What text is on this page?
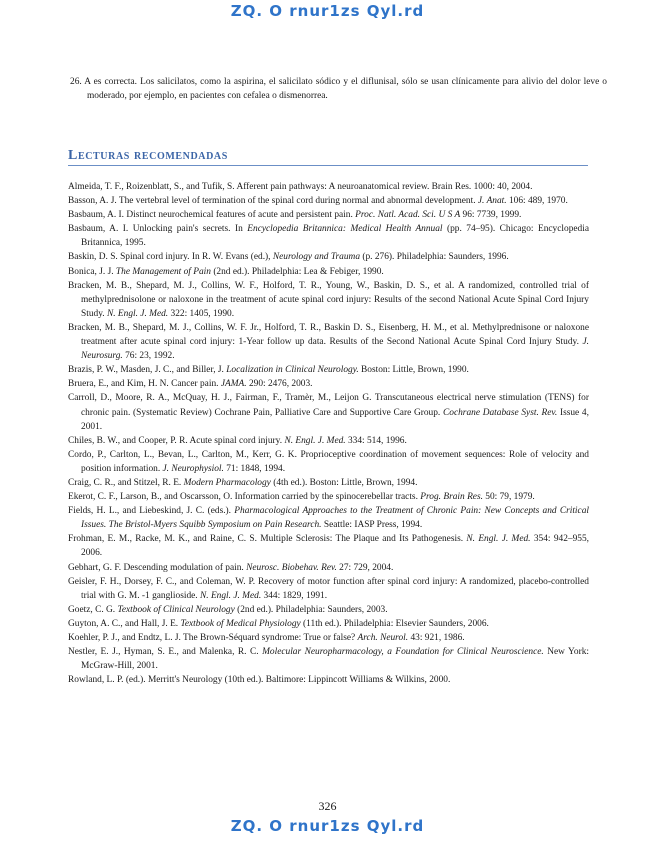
ZQ. O rnur1zs Qyl.rd

26. A es correcta. Los salicilatos, como la aspirina, el salicilato sódico y el diflunisal, sólo se usan clínicamente para alivio del dolor leve o moderado, por ejemplo, en pacientes con cefalea o dismenorrea.

Lecturas recomendadas
Almeida, T. F., Roizenblatt, S., and Tufik, S. Afferent pain pathways: A neuroanatomical review. Brain Res. 1000: 40, 2004.
Basson, A. J. The vertebral level of termination of the spinal cord during normal and abnormal development. J. Anat. 106: 489, 1970.
Basbaum, A. I. Distinct neurochemical features of acute and persistent pain. Proc. Natl. Acad. Sci. U S A 96: 7739, 1999.
Basbaum, A. I. Unlocking pain's secrets. In Encyclopedia Britannica: Medical Health Annual (pp. 74–95). Chicago: Encyclopedia Britannica, 1995.
Baskin, D. S. Spinal cord injury. In R. W. Evans (ed.), Neurology and Trauma (p. 276). Philadelphia: Saunders, 1996.
Bonica, J. J. The Management of Pain (2nd ed.). Philadelphia: Lea & Febiger, 1990.
Bracken, M. B., Shepard, M. J., Collins, W. F., Holford, T. R., Young, W., Baskin, D. S., et al. A randomized, controlled trial of methylprednisolone or naloxone in the treatment of acute spinal cord injury: Results of the second National Acute Spinal Cord Injury Study. N. Engl. J. Med. 322: 1405, 1990.
Bracken, M. B., Shepard, M. J., Collins, W. F. Jr., Holford, T. R., Baskin D. S., Eisenberg, H. M., et al. Methylprednisone or naloxone treatment after acute spinal cord injury: 1-Year follow up data. Results of the Second National Acute Spinal Cord Injury Study. J. Neurosurg. 76: 23, 1992.
Brazis, P. W., Masden, J. C., and Biller, J. Localization in Clinical Neurology. Boston: Little, Brown, 1990.
Bruera, E., and Kim, H. N. Cancer pain. JAMA. 290: 2476, 2003.
Carroll, D., Moore, R. A., McQuay, H. J., Fairman, F., Tramèr, M., Leijon G. Transcutaneous electrical nerve stimulation (TENS) for chronic pain. (Systematic Review) Cochrane Pain, Palliative Care and Supportive Care Group. Cochrane Database Syst. Rev. Issue 4, 2001.
Chiles, B. W., and Cooper, P. R. Acute spinal cord injury. N. Engl. J. Med. 334: 514, 1996.
Cordo, P., Carlton, L., Bevan, L., Carlton, M., Kerr, G. K. Proprioceptive coordination of movement sequences: Role of velocity and position information. J. Neurophysiol. 71: 1848, 1994.
Craig, C. R., and Stitzel, R. E. Modern Pharmacology (4th ed.). Boston: Little, Brown, 1994.
Ekerot, C. F., Larson, B., and Oscarsson, O. Information carried by the spinocerebellar tracts. Prog. Brain Res. 50: 79, 1979.
Fields, H. L., and Liebeskind, J. C. (eds.). Pharmacological Approaches to the Treatment of Chronic Pain: New Concepts and Critical Issues. The Bristol-Myers Squibb Symposium on Pain Research. Seattle: IASP Press, 1994.
Frohman, E. M., Racke, M. K., and Raine, C. S. Multiple Sclerosis: The Plaque and Its Pathogenesis. N. Engl. J. Med. 354: 942–955, 2006.
Gebhart, G. F. Descending modulation of pain. Neurosc. Biobehav. Rev. 27: 729, 2004.
Geisler, F. H., Dorsey, F. C., and Coleman, W. P. Recovery of motor function after spinal cord injury: A randomized, placebo-controlled trial with G. M. -1 ganglioside. N. Engl. J. Med. 344: 1829, 1991.
Goetz, C. G. Textbook of Clinical Neurology (2nd ed.). Philadelphia: Saunders, 2003.
Guyton, A. C., and Hall, J. E. Textbook of Medical Physiology (11th ed.). Philadelphia: Elsevier Saunders, 2006.
Koehler, P. J., and Endtz, L. J. The Brown-Séquard syndrome: True or false? Arch. Neurol. 43: 921, 1986.
Nestler, E. J., Hyman, S. E., and Malenka, R. C. Molecular Neuropharmacology, a Foundation for Clinical Neuroscience. New York: McGraw-Hill, 2001.
Rowland, L. P. (ed.). Merritt's Neurology (10th ed.). Baltimore: Lippincott Williams & Wilkins, 2000.
326
ZQ. O rnur1zs Qyl.rd
